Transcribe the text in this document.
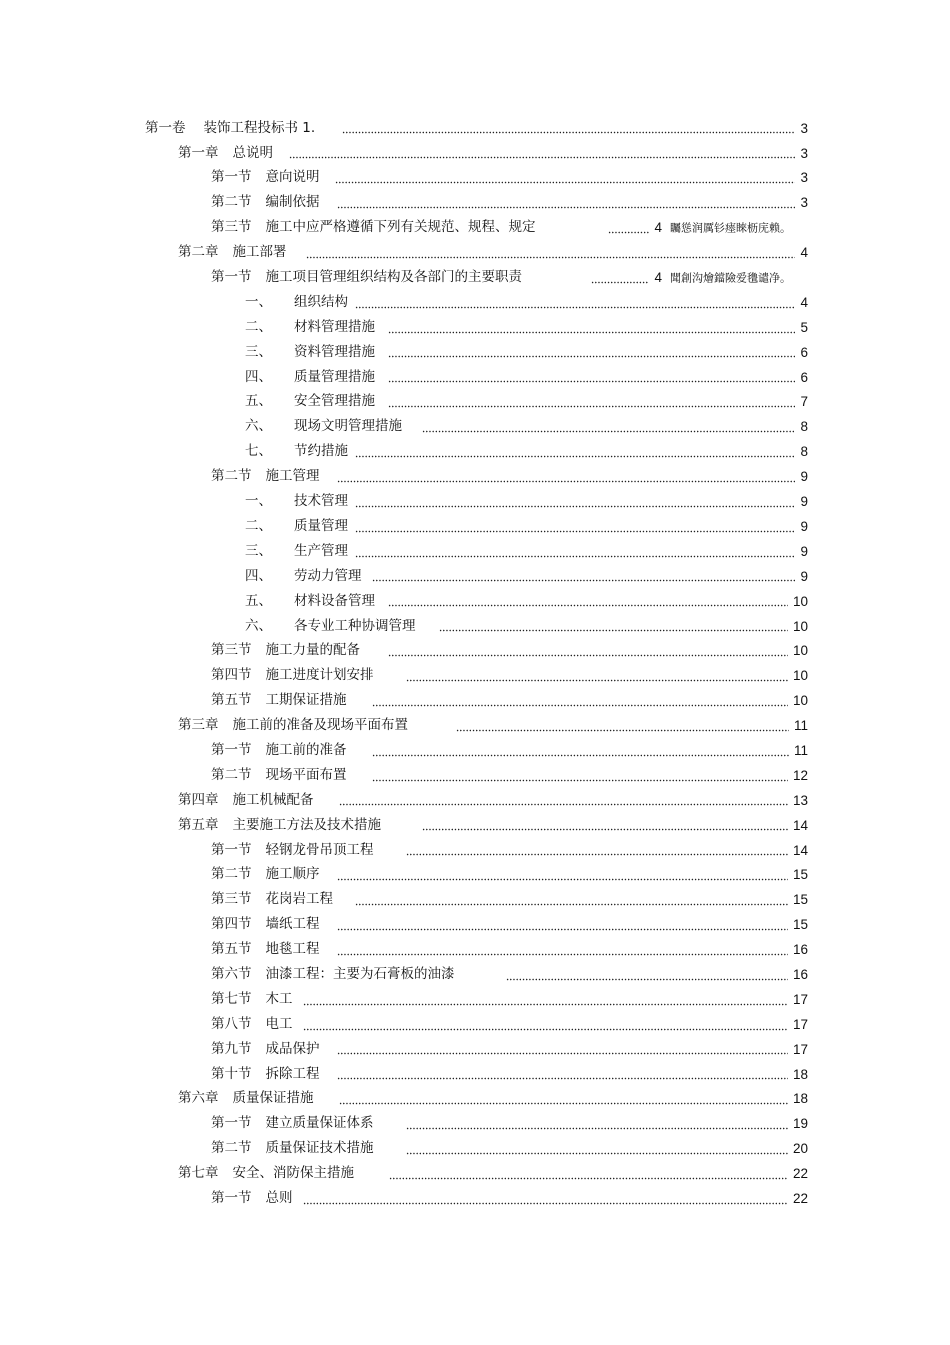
第一卷 装饰工程投标书 1.	3
第一章 总说明	3
第一节 意向说明	3
第二节 编制依据	3
第三节 施工中应严格遵循下列有关规范、规程、规定	4 矚慫润厲钐瘗睞枥庑赖。
第二章 施工部署	4
第一节 施工项目管理组织结构及各部门的主要职责	4 聞創沟燴鐺險爱氇谴净。
一、 组织结构	4
二、 材料管理措施	5
三、 资料管理措施	6
四、 质量管理措施	6
五、 安全管理措施	7
六、 现场文明管理措施	8
七、 节约措施	8
第二节 施工管理	9
一、 技术管理	9
二、 质量管理	9
三、 生产管理	9
四、 劳动力管理	9
五、 材料设备管理	10
六、 各专业工种协调管理	10
第三节 施工力量的配备	10
第四节 施工进度计划安排	10
第五节 工期保证措施	10
第三章 施工前的准备及现场平面布置	11
第一节 施工前的准备	11
第二节 现场平面布置	12
第四章 施工机械配备	13
第五章 主要施工方法及技术措施	14
第一节 轻钢龙骨吊顶工程	14
第二节 施工顺序	15
第三节 花岗岩工程	15
第四节 墙纸工程	15
第五节 地毯工程	16
第六节 油漆工程：主要为石膏板的油漆	16
第七节 木工	17
第八节 电工	17
第九节 成品保护	17
第十节 拆除工程	18
第六章 质量保证措施	18
第一节 建立质量保证体系	19
第二节 质量保证技术措施	20
第七章 安全、消防保主措施	22
第一节 总则	22
